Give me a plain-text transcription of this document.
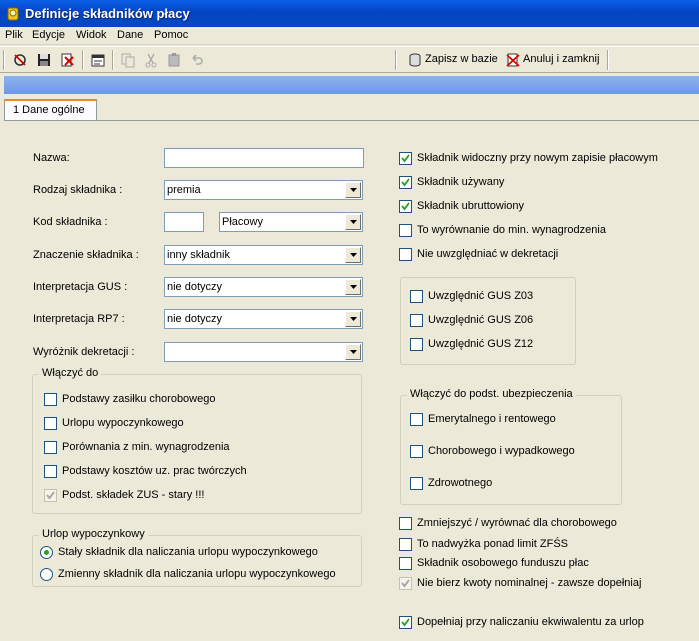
Definicje składników płacy
Plik Edycje Widok Dane Pomoc
Zapisz w bazie Anuluj i zamknij
1 Dane ogólne
Nazwa:
Rodzaj składnika :	premia
Kod składnika :	Płacowy
Znaczenie składnika :	inny składnik
Interpretacja GUS :	nie dotyczy
Interpretacja RP7 :	nie dotyczy
Wyróżnik dekretacji :
Włączyć do
Podstawy zasiłku chorobowego
Urlopu wypoczynkowego
Porównania z min. wynagrodzenia
Podstawy kosztów uz. prac twórczych
Podst. składek ZUS - stary !!!
Urlop wypoczynkowy
Stały składnik dla naliczania urlopu wypoczynkowego
Zmienny składnik dla naliczania urlopu wypoczynkowego
Składnik widoczny przy nowym zapisie płacowym
Składnik używany
Składnik ubruttowiony
To wyrównanie do min. wynagrodzenia
Nie uwzględniać w dekretacji
Uwzględnić GUS Z03
Uwzględnić GUS Z06
Uwzględnić GUS Z12
Włączyć do podst. ubezpieczenia
Emerytalnego i rentowego
Chorobowego i wypadkowego
Zdrowotnego
Zmniejszyć / wyrównać dla chorobowego
To nadwyżka ponad limit ZFŚS
Składnik osobowego funduszu płac
Nie bierz kwoty nominalnej - zawsze dopełniaj
Dopełniaj przy naliczaniu ekwiwalentu za urlop
